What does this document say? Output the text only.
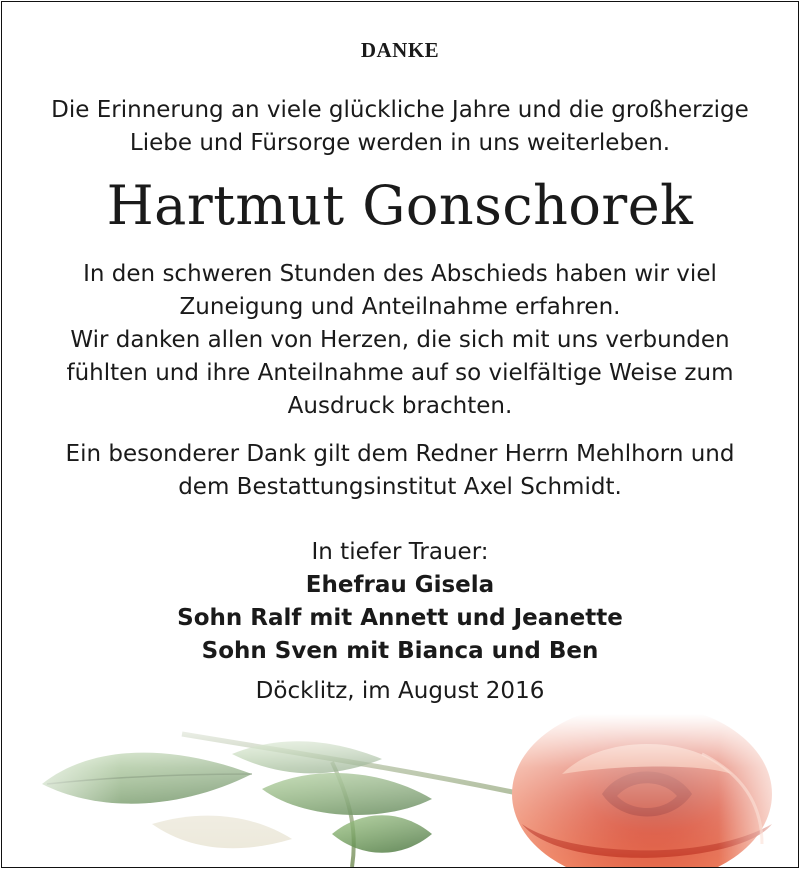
DANKE
Die Erinnerung an viele glückliche Jahre und die großherzige
Liebe und Fürsorge werden in uns weiterleben.
Hartmut Gonschorek
In den schweren Stunden des Abschieds haben wir viel
Zuneigung und Anteilnahme erfahren.
Wir danken allen von Herzen, die sich mit uns verbunden
fühlten und ihre Anteilnahme auf so vielfältige Weise zum
Ausdruck brachten.
Ein besonderer Dank gilt dem Redner Herrn Mehlhorn und
dem Bestattungsinstitut Axel Schmidt.
In tiefer Trauer:
Ehefrau Gisela
Sohn Ralf mit Annett und Jeanette
Sohn Sven mit Bianca und Ben
Döcklitz, im August 2016
